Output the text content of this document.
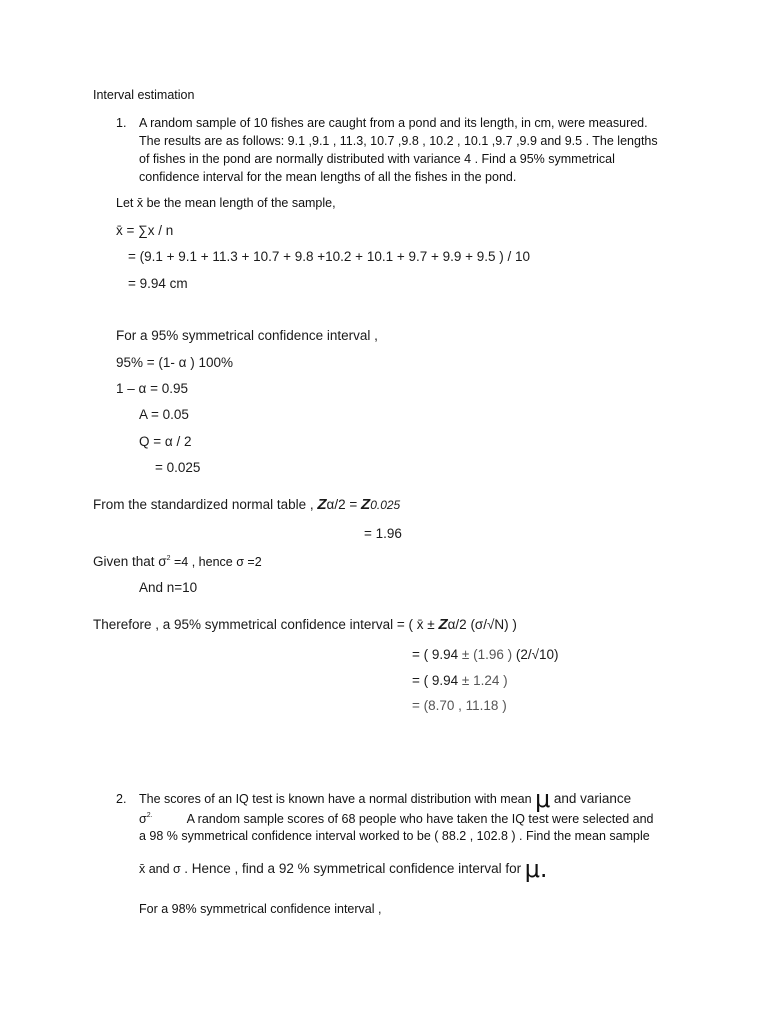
Interval estimation
1. A random sample of 10 fishes are caught from a pond and its length, in cm, were measured.
The results are as follows: 9.1 ,9.1 , 11.3, 10.7 ,9.8 , 10.2 , 10.1 ,9.7 ,9.9 and 9.5 . The lengths
of fishes in the pond are normally distributed with variance 4 . Find a 95% symmetrical
confidence interval for the mean lengths of all the fishes in the pond.
Let x̄ be the mean length of the sample,
x̄ = ∑x / n
= (9.1 + 9.1 + 11.3 + 10.7 + 9.8 +10.2 + 10.1 + 9.7 + 9.9 + 9.5 ) / 10
= 9.94 cm
For a 95% symmetrical confidence interval ,
95% = (1- α ) 100%
1 – α = 0.95
A = 0.05
Q = α / 2
= 0.025
From the standardized normal table , Zα/2 = Z0.025
= 1.96
Given that $\sigma^2 =4$ , hence σ =2
And n=10
Therefore , a 95% symmetrical confidence interval = ( x̄ ± Zα/2 (σ/√N) )
= ( 9.94 ± (1.96 ) (2/√10)
= ( 9.94 ± 1.24 )
= (8.70 , 11.18 )
2. The scores of an IQ test is known have a normal distribution with mean μ and variance
$\sigma^{2.}$	A random sample scores of 68 people who have taken the IQ test were selected and
a 98 % symmetrical confidence interval worked to be ( 88.2 , 102.8 ) . Find the mean sample
x̄ and σ . Hence , find a 92 % symmetrical confidence interval for μ.
For a 98% symmetrical confidence interval ,
